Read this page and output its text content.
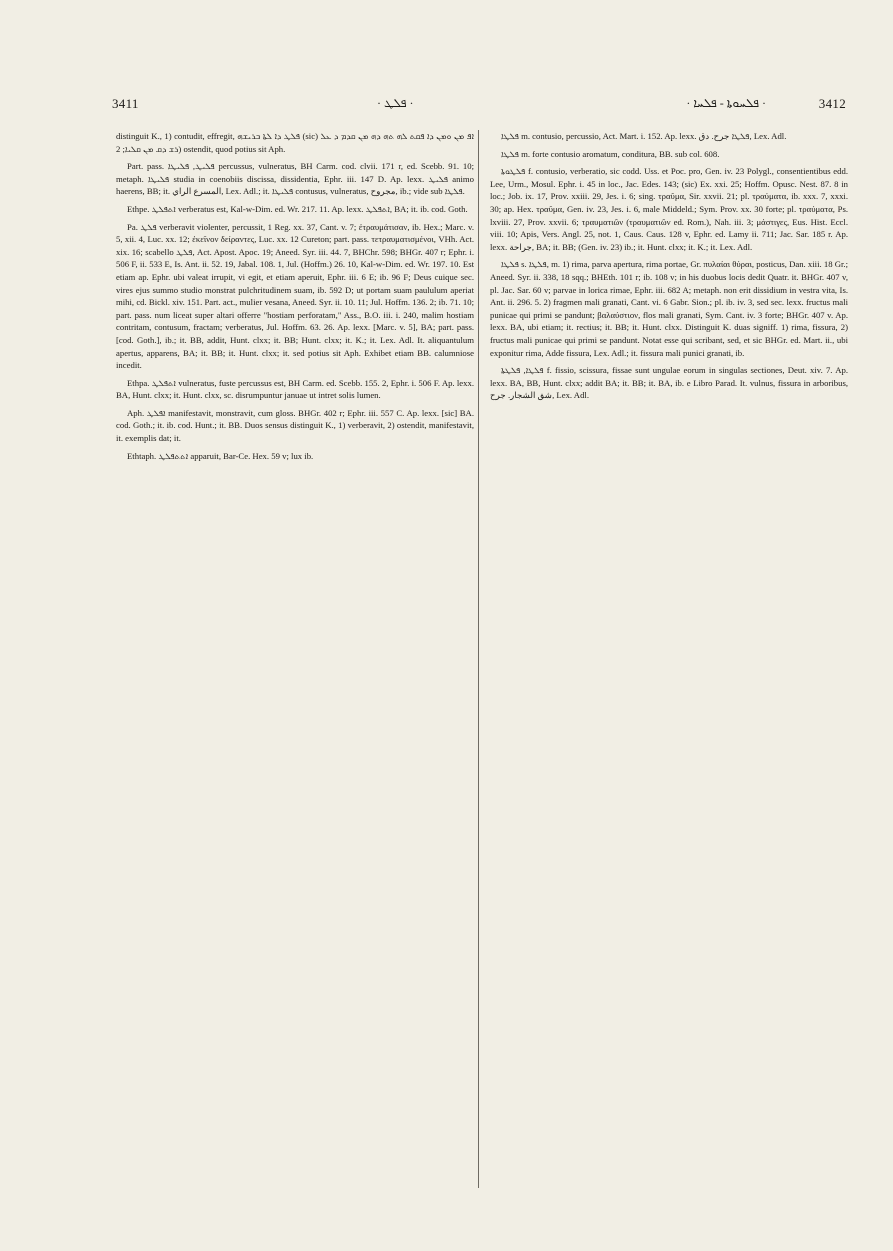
3411	· ܦܠܛ ·	· ܦܠܚܘܬܐ - ܦܠܚܐ ·	3412

distinguit K., 1) contudit, effregit, ܦܠܛ ܕܐ ܠܬܐ ܒܪܝܫܗ (sic) ܐܦ ܡܢ ܘܡܢ ܕܐ ܦܩܬ ܠܗ ܬܗ ܕܗ ܡܢ ܩܕܡ ܕ ܥܠ ܪܫ ܕܩ ܡܢ ܩܠܝܐ; 2) ostendit, quod potius sit Aph.

Part. pass. ܦܠܝܛ, ܦܠܝܛܐ percussus, vulneratus, BH Carm. cod. clvii. 171 r, ed. Scebb. 91. 10; metaph. ܦܠܝܛܐ studia in coenobiis discissa, dissidentia, Ephr. iii. 147 D. Ap. lexx. ܦܠܝܛ animo haerens, BB; it. المسرع الراي, Lex. Adl.; it. ܦܠܝܛܐ contusus, vulneratus, مجروح, ib.; vide sub ܦܠܛܐ.

Ethpe. ܐܬܦܠܛ verberatus est, Kal-w-Dim. ed. Wr. 217. 11. Ap. lexx. ܐܬܦܠܛ, BA; it. ib. cod. Goth.

Pa. ܦܠܛ verberavit violenter, percussit, 1 Reg. xx. 37, Cant. v. 7; ἐτραυμάτισαν, ib. Hex.; Marc. v. 5, xii. 4, Luc. xx. 12; ἐκεῖνον δείραντες, Luc. xx. 12 Cureton; part. pass. τετραυματισμένοι, VHh. Act. xix. 16; scabello ܦܠܛ, Act. Apost. Apoc. 19; Aneed. Syr. iii. 44. 7, BHChr. 598; BHGr. 407 r; Ephr. i. 506 F, ii. 533 E, Is. Ant. ii. 52. 19, Jabal. 108. 1, Jul. (Hoffm.) 26. 10, Kal-w-Dim. ed. Wr. 197. 10. Est etiam ap. Ephr. ubi valeat irrupit, vi egit, et etiam aperuit, Ephr. iii. 6 E; ib. 96 F; Deus cuique sec. vires ejus summo studio monstrat pulchritudinem suam, ib. 592 D; ut portam suam paululum aperiat mihi, cd. Bickl. xiv. 151. Part. act., mulier vesana, Aneed. Syr. ii. 10. 11; Jul. Hoffm. 136. 2; ib. 71. 10; part. pass. num liceat super altari offerre "hostiam perforatam," Ass., B.O. iii. i. 240, malim hostiam contritam, contusum, fractam; verberatus, Jul. Hoffm. 63. 26. Ap. lexx. [Marc. v. 5], BA; part. pass. [cod. Goth.], ib.; it. BB, addit, Hunt. clxx; it. BB; Hunt. clxx; it. K.; it. Lex. Adl. It. aliquantulum apertus, apparens, BA; it. BB; it. Hunt. clxx; it. sed potius sit Aph. Exhibet etiam BB. calumniose incedit.

Ethpa. ܐܬܦܠܛ vulneratus, fuste percussus est, BH Carm. ed. Scebb. 155. 2, Ephr. i. 506 F. Ap. lexx. BA, Hunt. clxx; it. Hunt. clxx, sc. disrumpuntur januae ut intret solis lumen.

Aph. ܐܦܠܛ manifestavit, monstravit, cum gloss. BHGr. 402 r; Ephr. iii. 557 C. Ap. lexx. [sic] BA. cod. Goth.; it. ib. cod. Hunt.; it. BB. Duos sensus distinguit K., 1) verberavit, 2) ostendit, manifestavit, it. exemplis dat; it.

Ethtaph. ܐܬܬܦܠܛ apparuit, Bar-Ce. Hex. 59 v; lux ib.

ܦܠܛܐ m. contusio, percussio, Act. Mart. i. 152. Ap. lexx. ܦܠܛܐ جرح. دق, Lex. Adl.

ܦܠܛܐ m. forte contusio aromatum, conditura, BB. sub col. 608.

ܦܠܛܘܬܐ f. contusio, verberatio, sic codd. Uss. et Poc. pro, Gen. iv. 23 Polygl., consentientibus edd. Lee, Urm., Mosul. Ephr. i. 45 in loc., Jac. Edes. 143; (sic) Ex. xxi. 25; Hoffm. Opusc. Nest. 87. 8 in loc.; Job. ix. 17, Prov. xxiii. 29, Jes. i. 6; sing. τραῦμα, Sir. xxvii. 21; pl. τραύματα, ib. xxx. 7, xxxi. 30; ap. Hex. τραῦμα, Gen. iv. 23, Jes. i. 6, male Middeld.; Sym. Prov. xx. 30 forte; pl. τραύματα, Ps. lxviii. 27, Prov. xxvii. 6; τραυματιῶν (τραυματιῶν ed. Rom.), Nah. iii. 3; μάστιγες, Eus. Hist. Eccl. viii. 10; Apis, Vers. Angl. 25, not. 1, Caus. Caus. 128 v, Ephr. ed. Lamy ii. 711; Jac. Sar. 185 r. Ap. lexx. جراحة, BA; it. BB; (Gen. iv. 23) ib.; it. Hunt. clxx; it. K.; it. Lex. Adl.

ܦܠܛܐ s. ܦܠܛܐ, m. 1) rima, parva apertura, rima portae, Gr. πυλαίαι θύραι, posticus, Dan. xiii. 18 Gr.; Aneed. Syr. ii. 338, 18 sqq.; BHEth. 101 r; ib. 108 v; in his duobus locis dedit Quatr. it. BHGr. 407 v, pl. Jac. Sar. 60 v; parvae in lorica rimae, Ephr. iii. 682 A; metaph. non erit dissidium in vestra vita, Is. Ant. ii. 296. 5. 2) fragmen mali granati, Cant. vi. 6 Gabr. Sion.; pl. ib. iv. 3, sed sec. lexx. fructus mali punicae qui primi se pandunt; βαλαύστιον, flos mali granati, Sym. Cant. iv. 3 forte; BHGr. 407 v. Ap. lexx. BA, ubi etiam; it. rectius; it. BB; it. Hunt. clxx. Distinguit K. duas signiff. 1) rima, fissura, 2) fructus mali punicae qui primi se pandunt. Notat esse qui scribant, sed, et sic BHGr. ed. Mart. ii., ubi exponitur rima, Adde fissura, Lex. Adl.; it. fissura mali punici granati, ib.

ܦܠܛܐ, ܦܠܛܬܐ f. fissio, scissura, fissae sunt ungulae eorum in singulas sectiones, Deut. xiv. 7. Ap. lexx. BA, BB, Hunt. clxx; addit BA; it. BB; it. BA, ib. e Libro Parad. It. vulnus, fissura in arboribus, شق الشجار. جرح, Lex. Adl.
